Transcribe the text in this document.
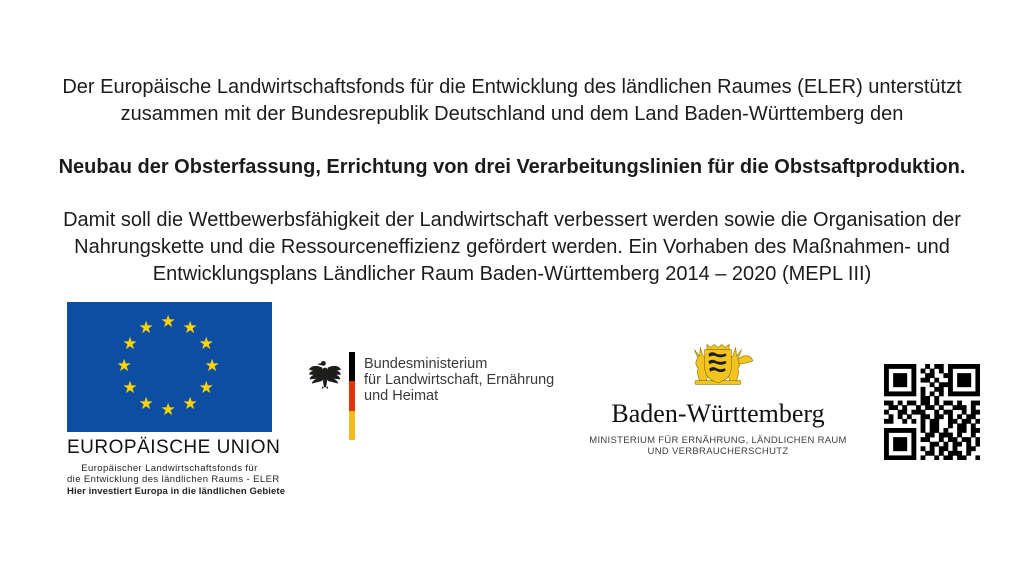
Der Europäische Landwirtschaftsfonds für die Entwicklung des ländlichen Raumes (ELER) unterstützt
zusammen mit der Bundesrepublik Deutschland und dem Land Baden-Württemberg den
Neubau der Obsterfassung, Errichtung von drei Verarbeitungslinien für die Obstsaftproduktion.
Damit soll die Wettbewerbsfähigkeit der Landwirtschaft verbessert werden sowie die Organisation der
Nahrungskette und die Ressourceneffizienz gefördert werden. Ein Vorhaben des Maßnahmen- und
Entwicklungsplans Ländlicher Raum Baden-Württemberg 2014 – 2020 (MEPL III)
★ ★
★
★
★
★
★
★
★
★
★
★
EUROPÄISCHE UNION
Europäischer Landwirtschaftsfonds für
die Entwicklung des ländlichen Raums - ELER
Hier investiert Europa in die ländlichen Gebiete
Bundesministerium
für Landwirtschaft, Ernährung
und Heimat
Baden-Württemberg
MINISTERIUM FÜR ERNÄHRUNG, LÄNDLICHEN RAUM
UND VERBRAUCHERSCHUTZ
